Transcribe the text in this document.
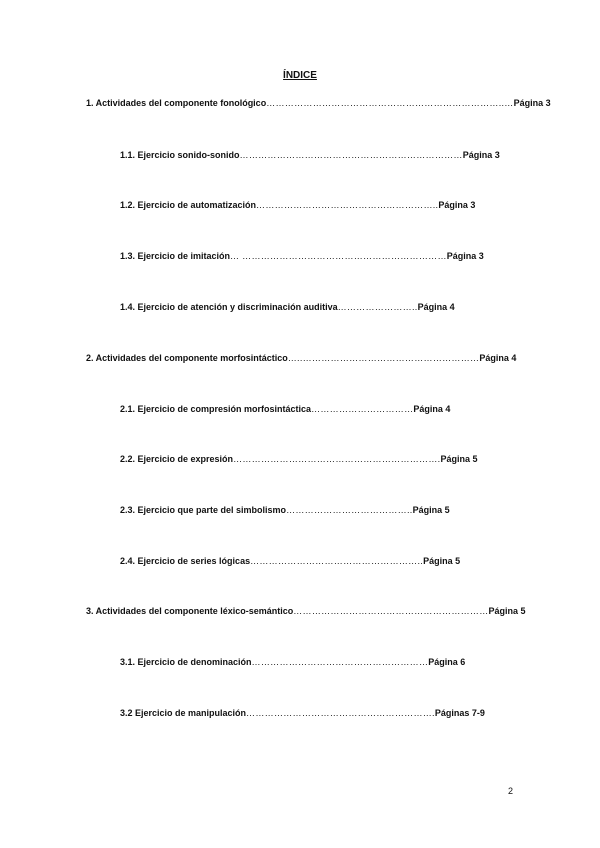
ÍNDICE
1. Actividades del componente fonológico…………………………………………………………………..…Página 3
1.1. Ejercicio sonido-sonido………………………………………………………………Página 3
1.2. Ejercicio de automatización…………………………………………………..Página 3
1.3. Ejercicio de imitación… …………………………………………………………Página 3
1.4. Ejercicio de atención y discriminación auditiva……………………..Página 4
2. Actividades del componente morfosintáctico…..…………………………………………………Página 4
2.1. Ejercicio de compresión morfosintáctica……………………………Página 4
2.2. Ejercicio de expresión………………………………………………………….Página 5
2.3. Ejercicio que parte del simbolismo…………………………………..Página 5
2.4. Ejercicio de series lógicas………………………………………………..Página 5
3. Actividades del componente léxico-semántico………………………………………………………Página 5
3.1. Ejercicio de denominación…………………………………………………Página 6
3.2 Ejercicio de manipulación…………………………………………………….Páginas 7-9
2
